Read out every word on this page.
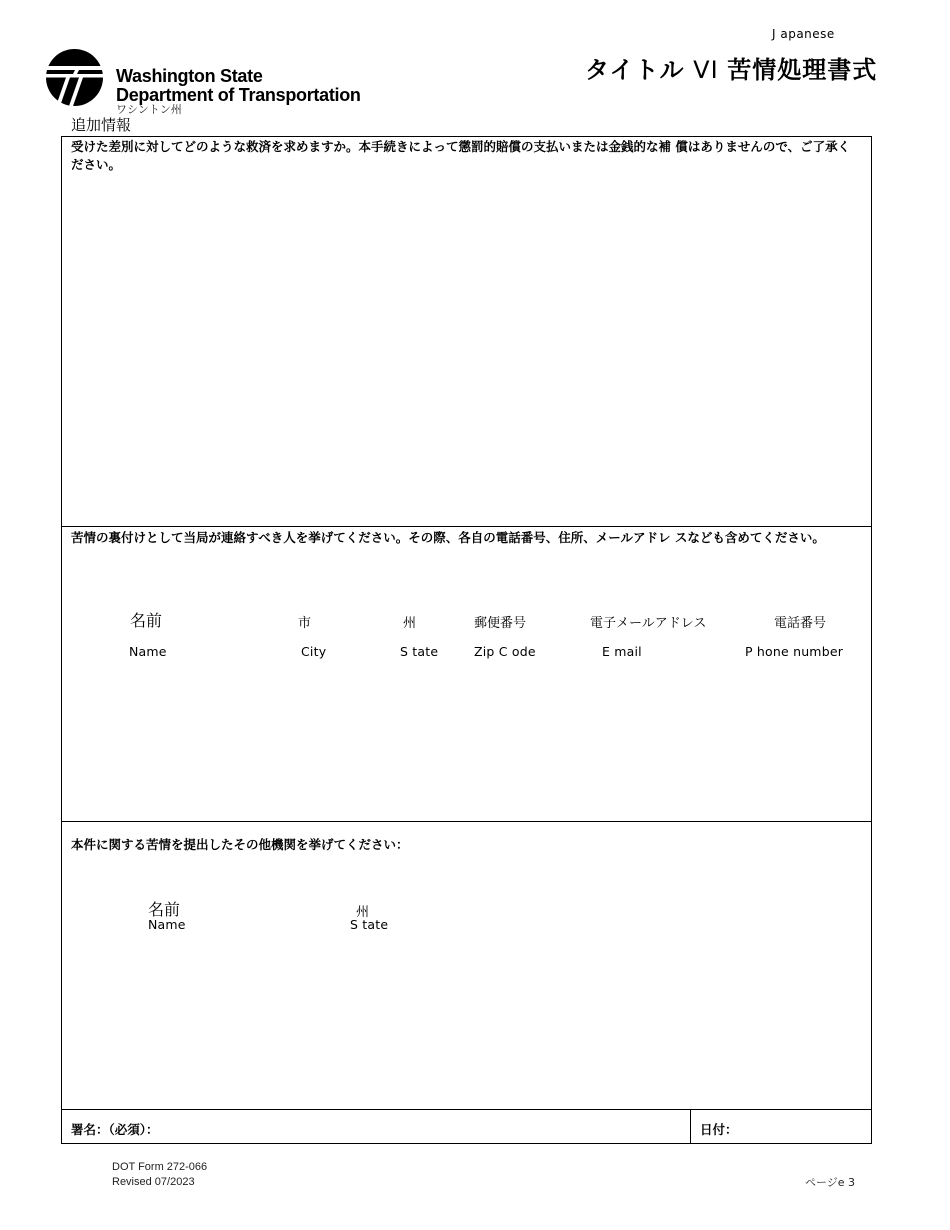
J apanese
タイトル VI 苦情処理書式
Washington State
Department of Transportation
ワシントン州
追加情報
受けた差別に対してどのような救済を求めますか。本手続きによって懲罰的賠償の支払いまたは金銭的な補 償はありませんので、ご了承ください。
苦情の裏付けとして当局が連絡すべき人を挙げてください。その際、各自の電話番号、住所、メールアドレ スなども含めてください。
名前	市	州	郵便番号	電子メールアドレス	電話番号
Name	City	S tate	Zip C ode	E mail	P hone number
本件に関する苦情を提出したその他機関を挙げてください：
名前	州
Name	S tate
署名：（必須）：	日付：
DOT Form 272-066
Revised 07/2023	ページe 3
